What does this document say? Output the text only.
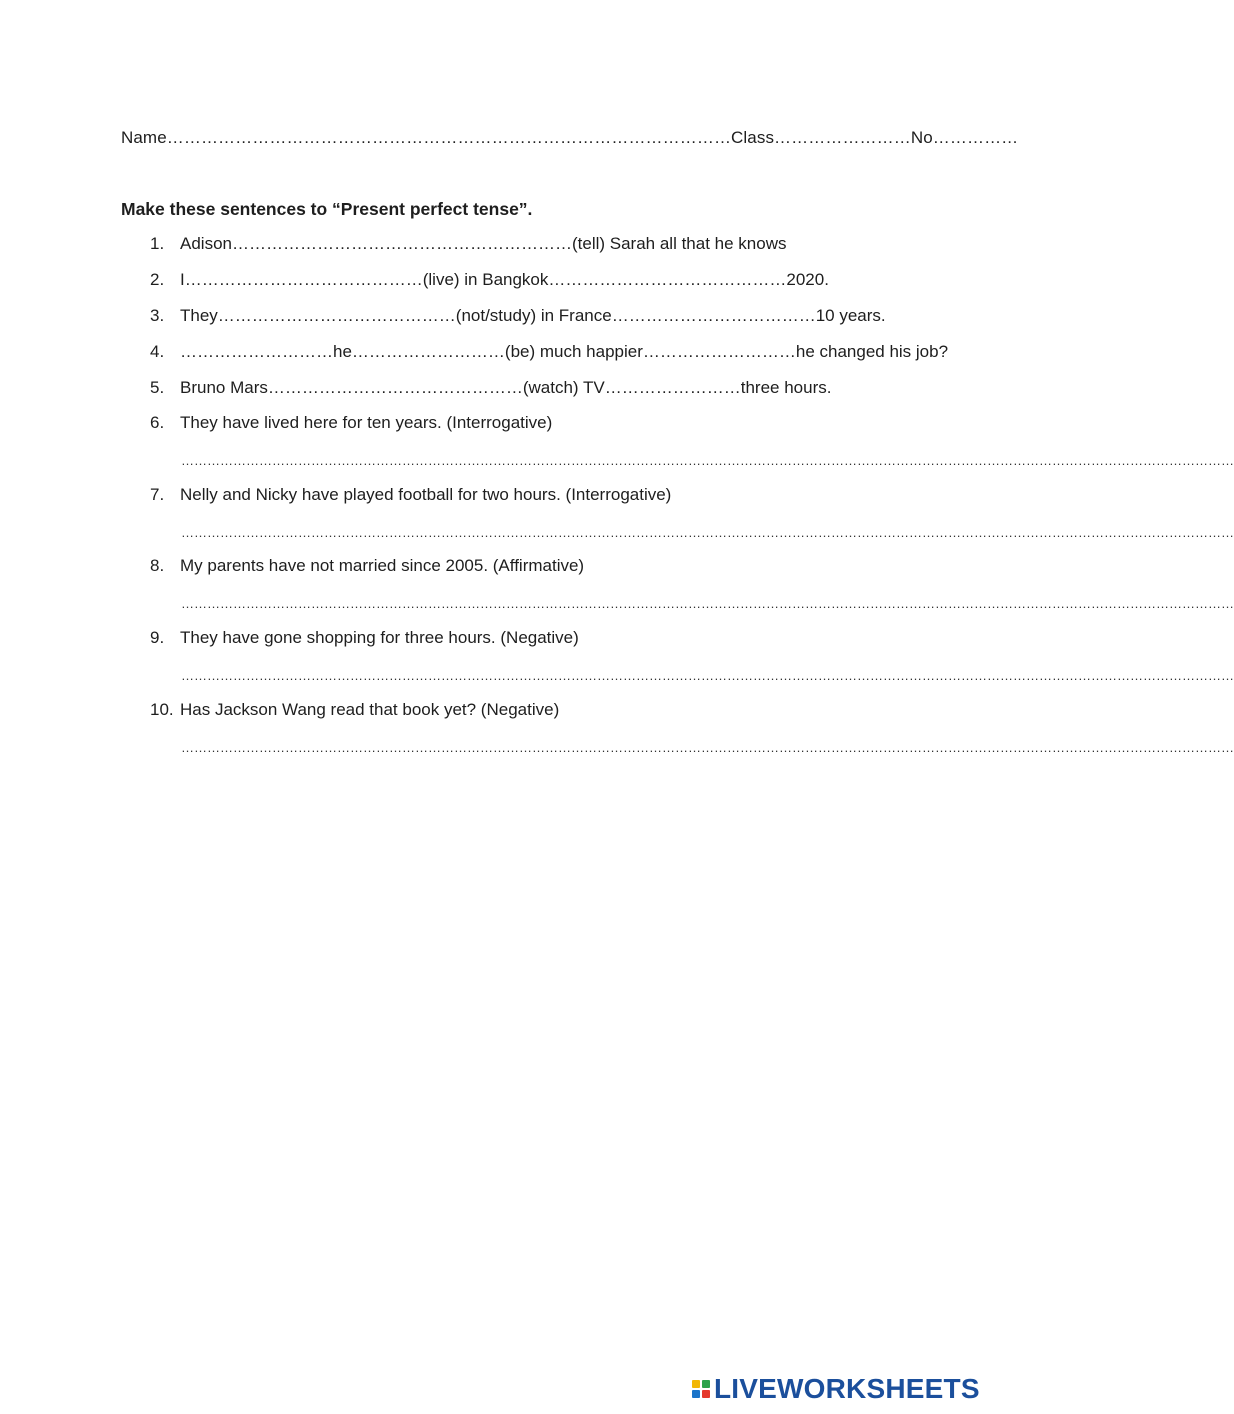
Name………………………………………………………………………………………Class……………………No……………
Make these sentences to “Present perfect tense”.
1. Adison……………………………………………………(tell) Sarah all that he knows
2. I……………………………………(live) in Bangkok……………………………………2020.
3. They……………………………………(not/study) in France………………………………10 years.
4. ………………………he………………………(be) much happier………………………he changed his job?
5. Bruno Mars………………………………………(watch) TV……………………three hours.
6. They have lived here for ten years. (Interrogative)
………………………………………………………………………………………………………………………………………………………………………………………………………………………
7. Nelly and Nicky have played football for two hours. (Interrogative)
………………………………………………………………………………………………………………………………………………………………………………………………………………………
8. My parents have not married since 2005. (Affirmative)
………………………………………………………………………………………………………………………………………………………………………………………………………………………
9. They have gone shopping for three hours. (Negative)
………………………………………………………………………………………………………………………………………………………………………………………………………………………
10. Has Jackson Wang read that book yet? (Negative)
………………………………………………………………………………………………………………………………………………………………………………………………………………………
LIVEWORKSHEETS
